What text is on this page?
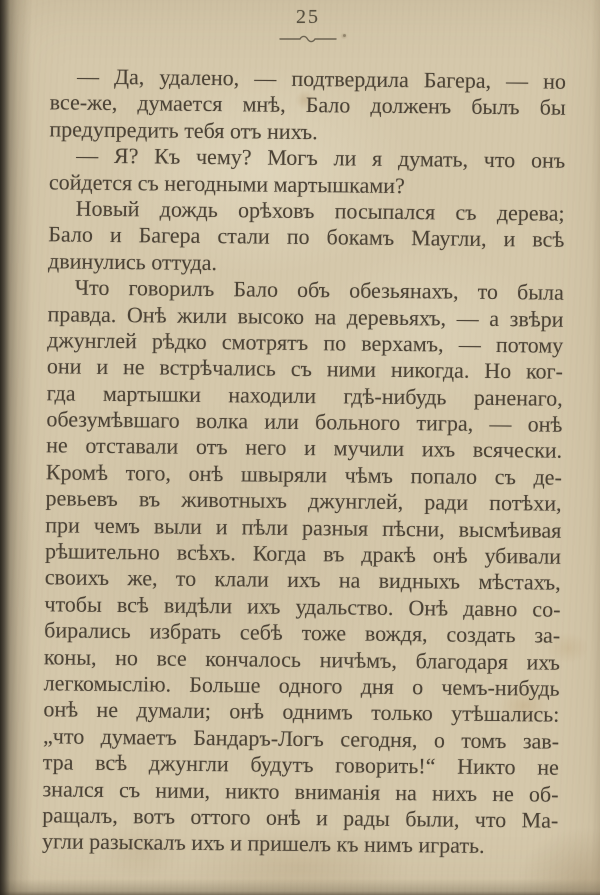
25
— Да, удалено, — подтвердила Багера, — но
все-же, думается мнѣ, Бало долженъ былъ бы
предупредить тебя отъ нихъ.
— Я? Къ чему? Могъ ли я думать, что онъ
сойдется съ негодными мартышками?
Новый дождь орѣховъ посыпался съ дерева;
Бало и Багера стали по бокамъ Маугли, и всѣ
двинулись оттуда.
Что говорилъ Бало объ обезьянахъ, то была
правда. Онѣ жили высоко на деревьяхъ, — а звѣри
джунглей рѣдко смотрятъ по верхамъ, — потому
они и не встрѣчались съ ними никогда. Но ког-
гда мартышки находили гдѣ-нибудь раненаго,
обезумѣвшаго волка или больного тигра, — онѣ
не отставали отъ него и мучили ихъ всячески.
Кромѣ того, онѣ швыряли чѣмъ попало съ де-
ревьевъ въ животныхъ джунглей, ради потѣхи,
при чемъ выли и пѣли разныя пѣсни, высмѣивая
рѣшительно всѣхъ. Когда въ дракѣ онѣ убивали
своихъ же, то клали ихъ на видныхъ мѣстахъ,
чтобы всѣ видѣли ихъ удальство. Онѣ давно со-
бирались избрать себѣ тоже вождя, создать за-
коны, но все кончалось ничѣмъ, благодаря ихъ
легкомыслію. Больше одного дня о чемъ-нибудь
онѣ не думали; онѣ однимъ только утѣшались:
„что думаетъ Бандаръ-Логъ сегодня, о томъ зав-
тра всѣ джунгли будутъ говорить!“ Никто не
знался съ ними, никто вниманія на нихъ не об-
ращалъ, вотъ оттого онѣ и рады были, что Ма-
угли разыскалъ ихъ и пришелъ къ нимъ играть.
